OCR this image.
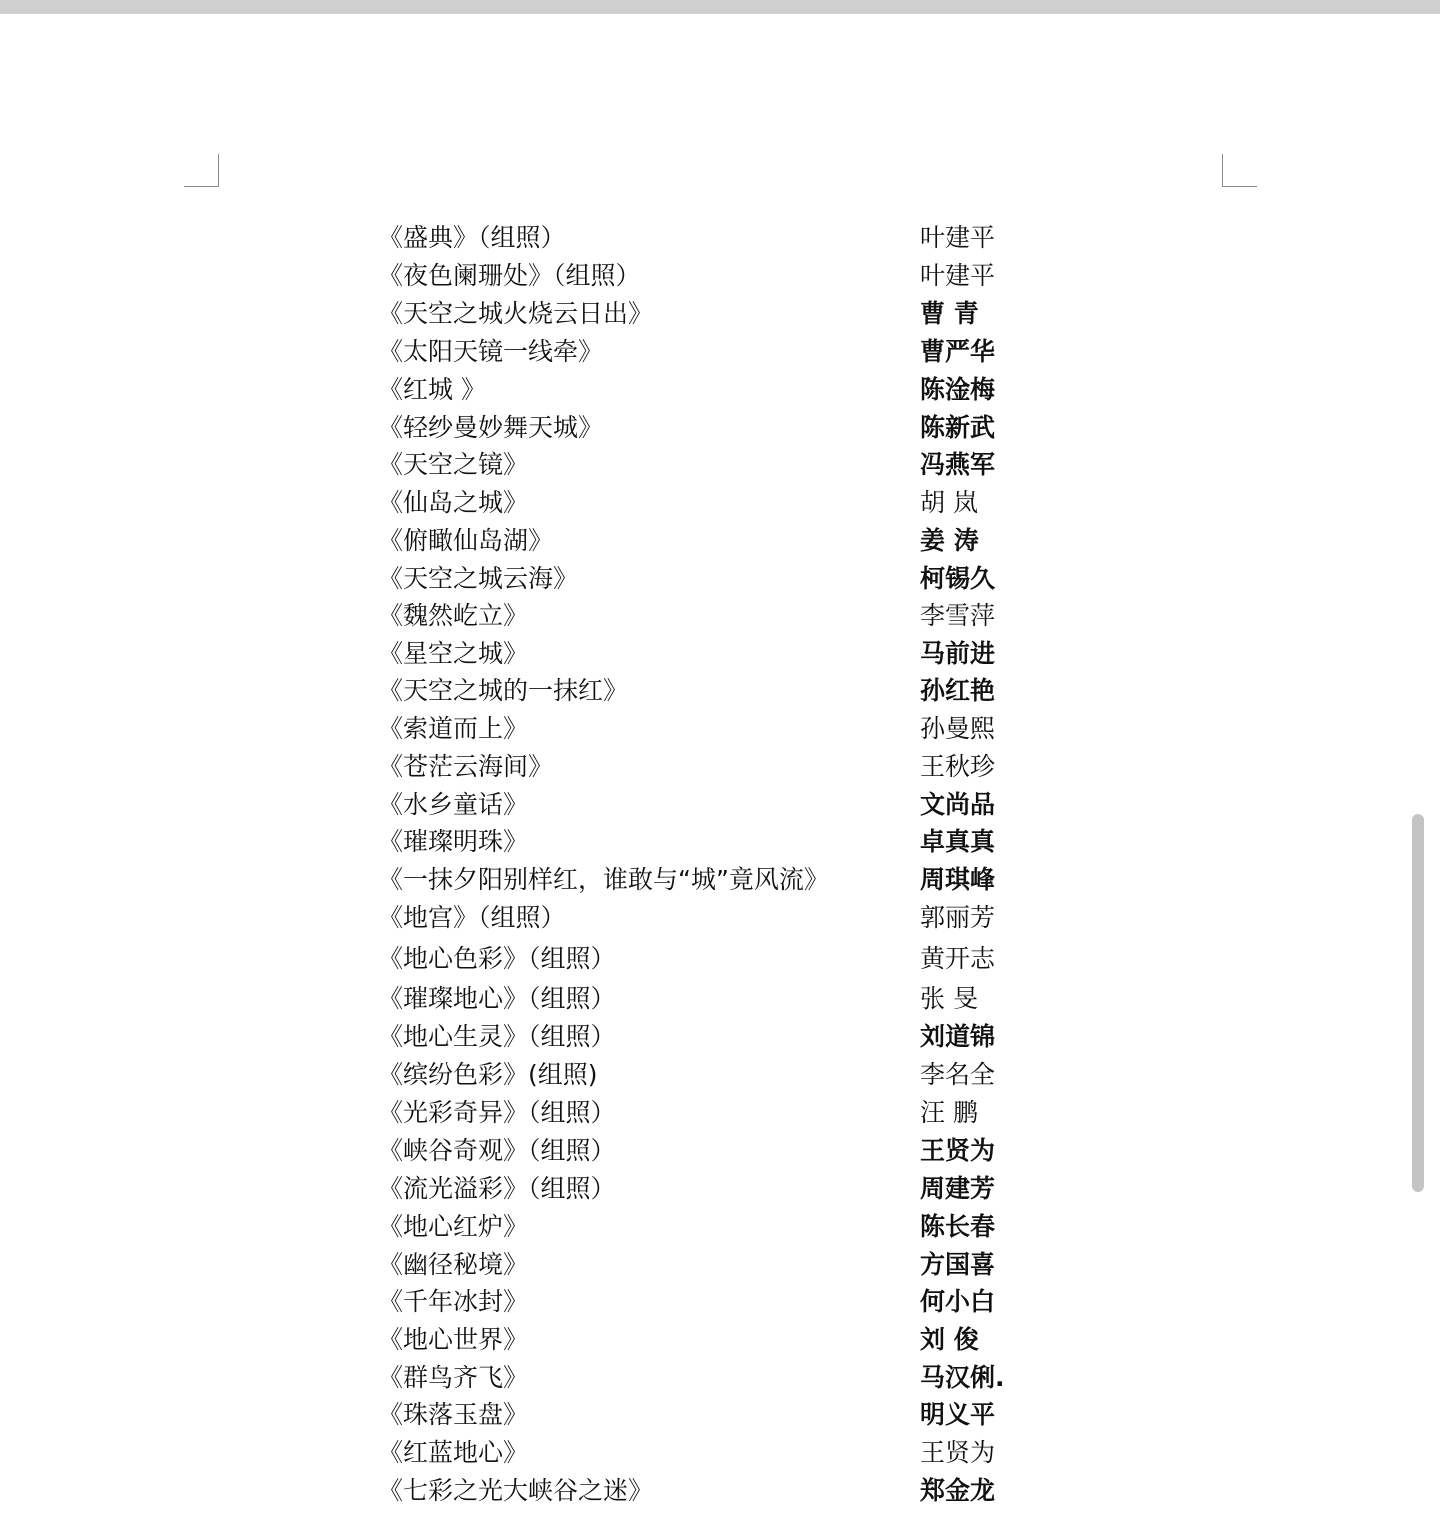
《盛典》（组照）	叶建平
《夜色阑珊处》（组照）	叶建平
《天空之城火烧云日出》	曹 青
《太阳天镜一线牵》	曹严华
《红城 》	陈淦梅
《轻纱曼妙舞天城》	陈新武
《天空之镜》	冯燕军
《仙岛之城》	胡 岚
《俯瞰仙岛湖》	姜 涛
《天空之城云海》	柯锡久
《魏然屹立》	李雪萍
《星空之城》	马前进
《天空之城的一抹红》	孙红艳
《索道而上》	孙曼熙
《苍茫云海间》	王秋珍
《水乡童话》	文尚品
《璀璨明珠》	卓真真
《一抹夕阳别样红，谁敢与“城”竟风流》	周琪峰
《地宫》（组照）	郭丽芳
《地心色彩》（组照）	黄开志
《璀璨地心》（组照）	张 旻
《地心生灵》（组照）	刘道锦
《缤纷色彩》(组照)	李名全
《光彩奇异》（组照）	汪 鹏
《峡谷奇观》（组照）	王贤为
《流光溢彩》（组照）	周建芳
《地心红炉》	陈长春
《幽径秘境》	方国喜
《千年冰封》	何小白
《地心世界》	刘 俊
《群鸟齐飞》	马汉俐.
《珠落玉盘》	明义平
《红蓝地心》	王贤为
《七彩之光大峡谷之迷》	郑金龙
